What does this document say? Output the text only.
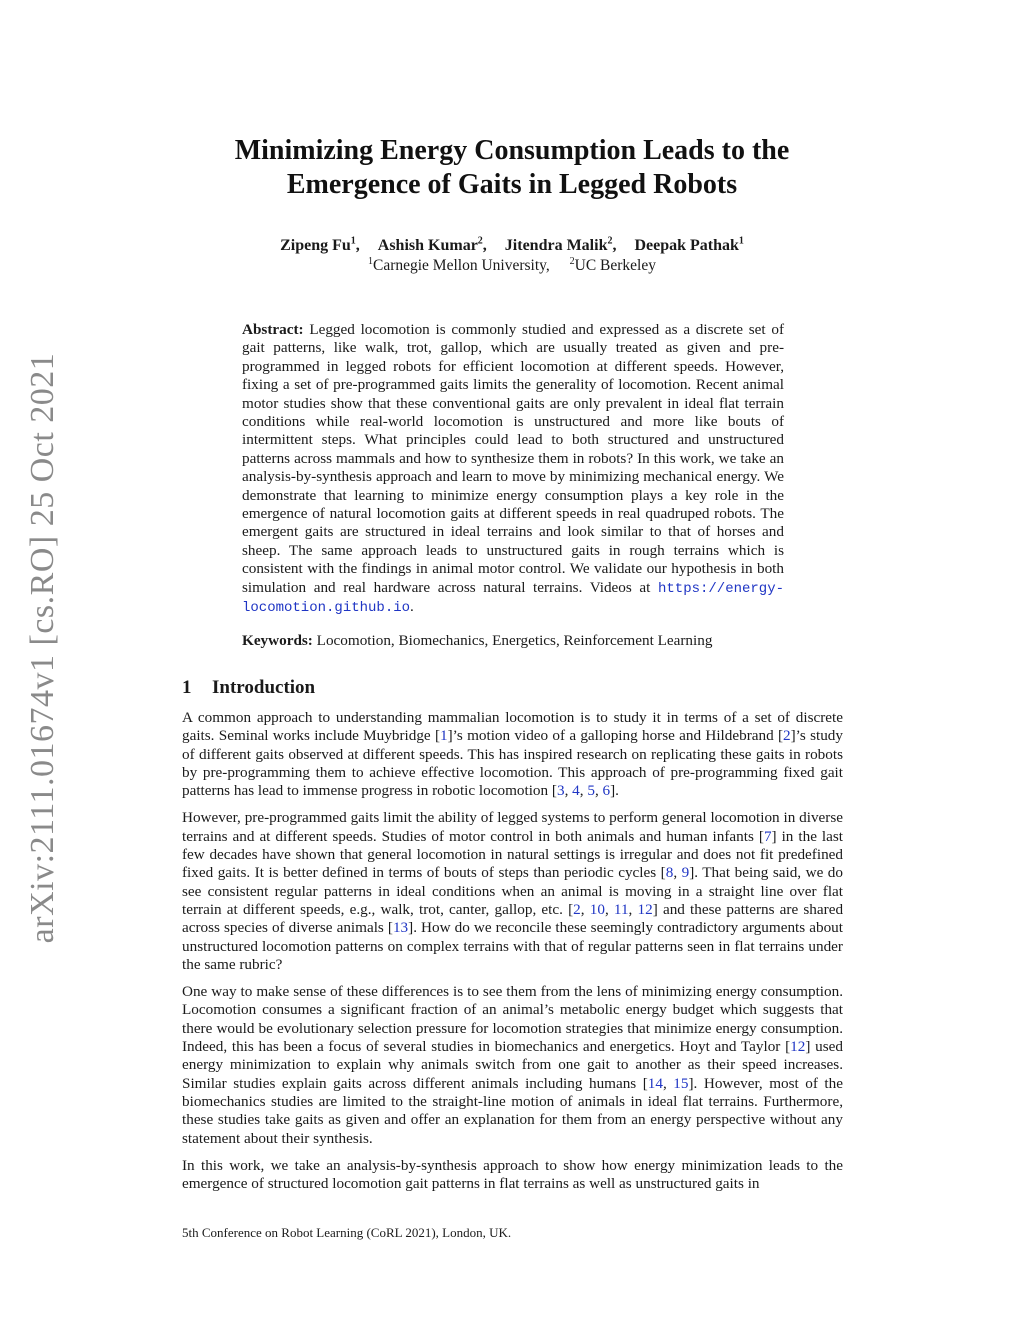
arXiv:2111.01674v1 [cs.RO] 25 Oct 2021
Minimizing Energy Consumption Leads to the
Emergence of Gaits in Legged Robots
Zipeng Fu$^1$, Ashish Kumar$^2$, Jitendra Malik$^2$, Deepak Pathak$^1$
$^1$Carnegie Mellon University, $^2$UC Berkeley
Abstract: Legged locomotion is commonly studied and expressed as a discrete set of gait patterns, like walk, trot, gallop, which are usually treated as given and pre-programmed in legged robots for efficient locomotion at different speeds. However, fixing a set of pre-programmed gaits limits the generality of locomotion. Recent animal motor studies show that these conventional gaits are only prevalent in ideal flat terrain conditions while real-world locomotion is unstructured and more like bouts of intermittent steps. What principles could lead to both structured and unstructured patterns across mammals and how to synthesize them in robots? In this work, we take an analysis-by-synthesis approach and learn to move by minimizing mechanical energy. We demonstrate that learning to minimize energy consumption plays a key role in the emergence of natural locomotion gaits at different speeds in real quadruped robots. The emergent gaits are structured in ideal terrains and look similar to that of horses and sheep. The same approach leads to unstructured gaits in rough terrains which is consistent with the findings in animal motor control. We validate our hypothesis in both simulation and real hardware across natural terrains. Videos at https://energy-locomotion.github.io.
Keywords: Locomotion, Biomechanics, Energetics, Reinforcement Learning
1 Introduction

A common approach to understanding mammalian locomotion is to study it in terms of a set of discrete gaits. Seminal works include Muybridge [1]’s motion video of a galloping horse and Hildebrand [2]’s study of different gaits observed at different speeds. This has inspired research on replicating these gaits in robots by pre-programming them to achieve effective locomotion. This approach of pre-programming fixed gait patterns has lead to immense progress in robotic locomotion [3, 4, 5, 6].

However, pre-programmed gaits limit the ability of legged systems to perform general locomotion in diverse terrains and at different speeds. Studies of motor control in both animals and human infants [7] in the last few decades have shown that general locomotion in natural settings is irregular and does not fit predefined fixed gaits. It is better defined in terms of bouts of steps than periodic cycles [8, 9]. That being said, we do see consistent regular patterns in ideal conditions when an animal is moving in a straight line over flat terrain at different speeds, e.g., walk, trot, canter, gallop, etc. [2, 10, 11, 12] and these patterns are shared across species of diverse animals [13]. How do we reconcile these seemingly contradictory arguments about unstructured locomotion patterns on complex terrains with that of regular patterns seen in flat terrains under the same rubric?

One way to make sense of these differences is to see them from the lens of minimizing energy consumption. Locomotion consumes a significant fraction of an animal’s metabolic energy budget which suggests that there would be evolutionary selection pressure for locomotion strategies that minimize energy consumption. Indeed, this has been a focus of several studies in biomechanics and energetics. Hoyt and Taylor [12] used energy minimization to explain why animals switch from one gait to another as their speed increases. Similar studies explain gaits across different animals including humans [14, 15]. However, most of the biomechanics studies are limited to the straight-line motion of animals in ideal flat terrains. Furthermore, these studies take gaits as given and offer an explanation for them from an energy perspective without any statement about their synthesis.

In this work, we take an analysis-by-synthesis approach to show how energy minimization leads to the emergence of structured locomotion gait patterns in flat terrains as well as unstructured gaits in

5th Conference on Robot Learning (CoRL 2021), London, UK.
